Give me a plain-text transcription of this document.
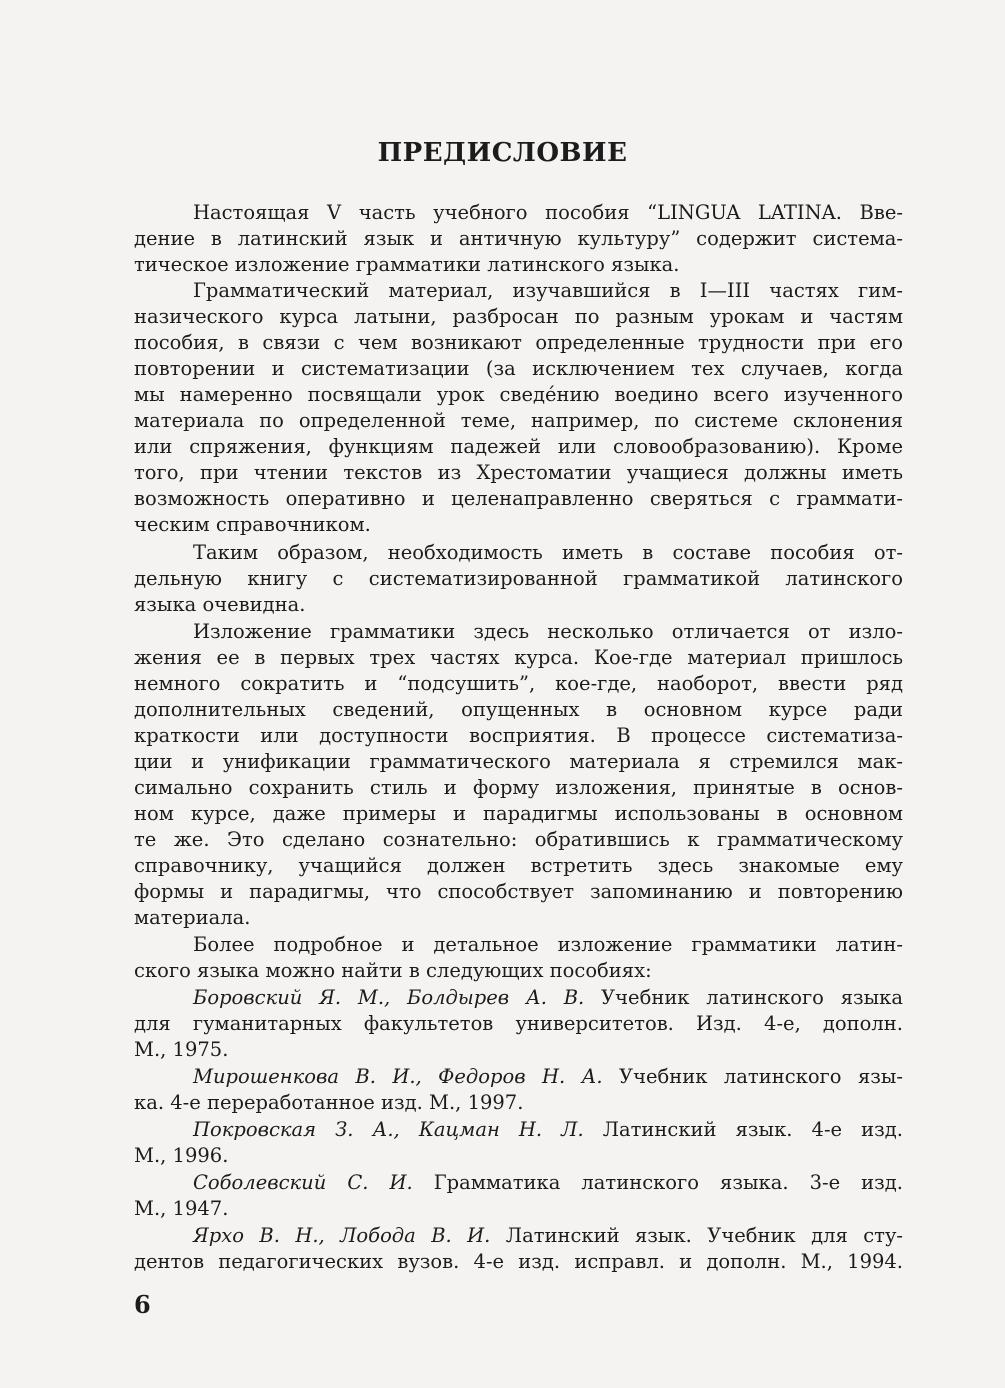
ПРЕДИСЛОВИЕ
Настоящая V часть учебного пособия “LINGUA LATINA. Вве-
дение в латинский язык и античную культуру” содержит система-
тическое изложение грамматики латинского языка.
Грамматический материал, изучавшийся в I—III частях гим-
назического курса латыни, разбросан по разным урокам и частям
пособия, в связи с чем возникают определенные трудности при его
повторении и систематизации (за исключением тех случаев, когда
мы намеренно посвящали урок сведе́нию воедино всего изученного
материала по определенной теме, например, по системе склонения
или спряжения, функциям падежей или словообразованию). Кроме
того, при чтении текстов из Хрестоматии учащиеся должны иметь
возможность оперативно и целенаправленно сверяться с граммати-
ческим справочником.
Таким образом, необходимость иметь в составе пособия от-
дельную книгу с систематизированной грамматикой латинского
языка очевидна.
Изложение грамматики здесь несколько отличается от изло-
жения ее в первых трех частях курса. Кое-где материал пришлось
немного сократить и “подсушить”, кое-где, наоборот, ввести ряд
дополнительных сведений, опущенных в основном курсе ради
краткости или доступности восприятия. В процессе систематиза-
ции и унификации грамматического материала я стремился мак-
симально сохранить стиль и форму изложения, принятые в основ-
ном курсе, даже примеры и парадигмы использованы в основном
те же. Это сделано сознательно: обратившись к грамматическому
справочнику, учащийся должен встретить здесь знакомые ему
формы и парадигмы, что способствует запоминанию и повторению
материала.
Более подробное и детальное изложение грамматики латин-
ского языка можно найти в следующих пособиях:
Боровский Я. М., Болдырев А. В. Учебник латинского языка
для гуманитарных факультетов университетов. Изд. 4-е, дополн.
М., 1975.
Мирошенкова В. И., Федоров Н. А. Учебник латинского язы-
ка. 4-е переработанное изд. М., 1997.
Покровская З. А., Кацман Н. Л. Латинский язык. 4-е изд.
М., 1996.
Соболевский С. И. Грамматика латинского языка. 3-е изд.
М., 1947.
Ярхо В. Н., Лобода В. И. Латинский язык. Учебник для сту-
дентов педагогических вузов. 4-е изд. исправл. и дополн. М., 1994.
6
